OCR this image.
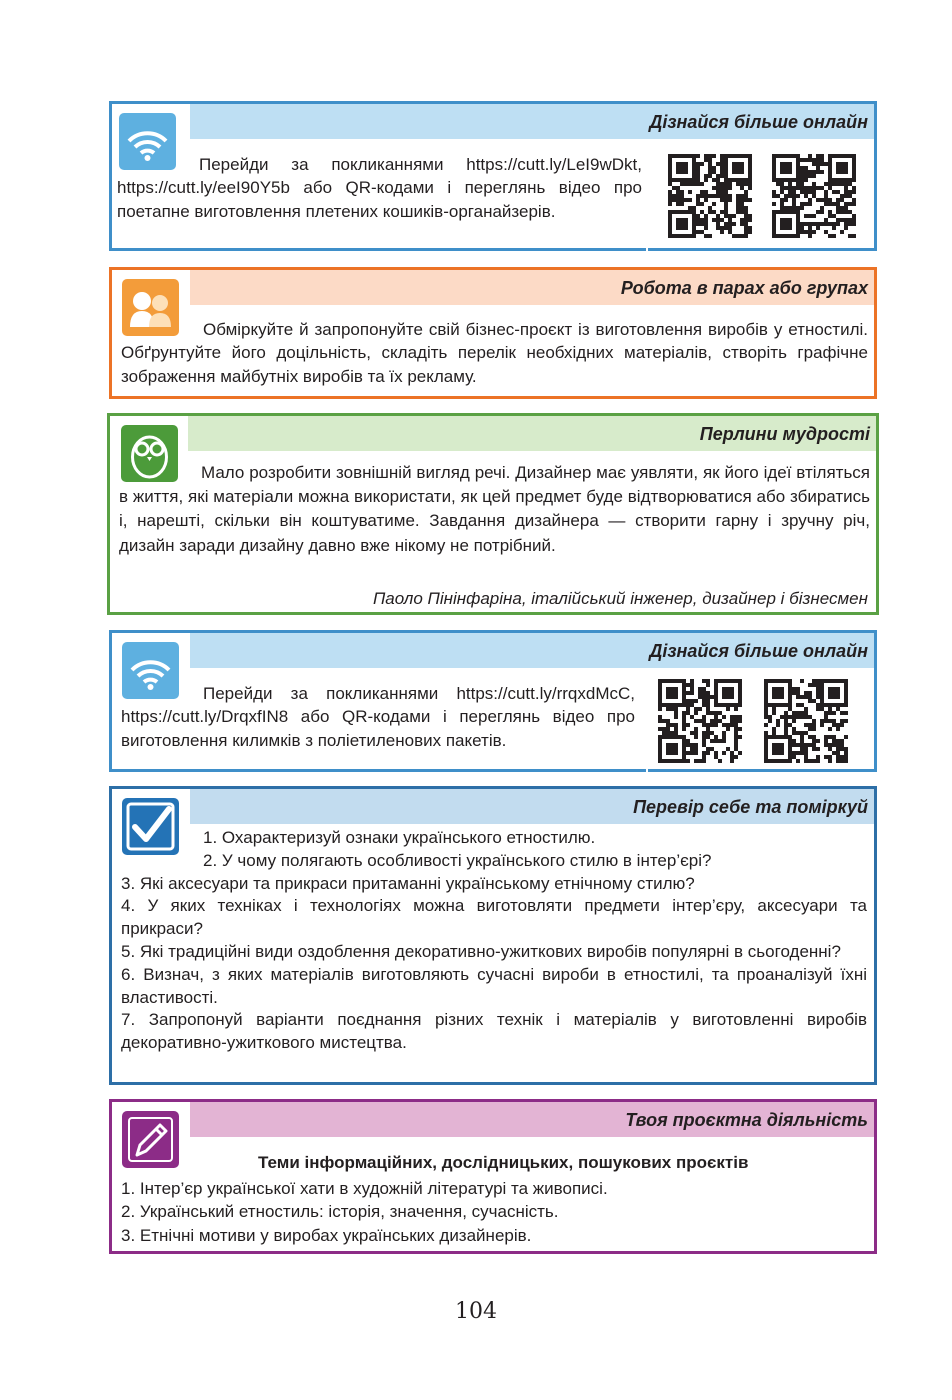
Дізнайся більше онлайн
Перейди за покликаннями https://cutt.ly/LeI9wDkt, https://cutt.ly/eeI90Y5b або QR-кодами і переглянь відео про поетапне виготовлення плетених кошиків-органайзерів.
Робота в парах або групах
Обміркуйте й запропонуйте свій бізнес-проєкт із виготовлення виробів у етностилі. Обґрунтуйте його доцільність, складіть перелік необхідних матеріалів, створіть графічне зображення майбутніх виробів та їх рекламу.
Перлини мудрості
Мало розробити зовнішній вигляд речі. Дизайнер має уявляти, як його ідеї втіляться в життя, які матеріали можна використати, як цей предмет буде відтворюватися або збиратись і, нарешті, скільки він коштуватиме. Завдання дизайнера — створити гарну і зручну річ, дизайн заради дизайну давно вже нікому не потрібний.
Паоло Пінінфаріна, італійський інженер, дизайнер і бізнесмен
Дізнайся більше онлайн
Перейди за покликаннями https://cutt.ly/rrqxdMcC, https://cutt.ly/DrqxfIN8 або QR-кодами і переглянь відео про виготовлення килимків з поліетиленових пакетів.
Перевір себе та поміркуй

1. Охарактеризуй ознаки українського етностилю.

2. У чому полягають особливості українського стилю в інтер’єрі?

3. Які аксесуари та прикраси притаманні українському етнічному стилю?

4. У яких техніках і технологіях можна виготовляти предмети інтер’єру, аксесуари та прикраси?

5. Які традиційні види оздоблення декоративно-ужиткових виробів популярні в сьогоденні?

6. Визнач, з яких матеріалів виготовляють сучасні вироби в етностилі, та проаналізуй їхні властивості.

7. Запропонуй варіанти поєднання різних технік і матеріалів у виготовленні виробів декоративно-ужиткового мистецтва.

Твоя проєктна діяльність
Теми інформаційних, дослідницьких, пошукових проєктів

1. Інтер’єр української хати в художній літературі та живописі.

2. Український етностиль: історія, значення, сучасність.

3. Етнічні мотиви у виробах українських дизайнерів.

104
